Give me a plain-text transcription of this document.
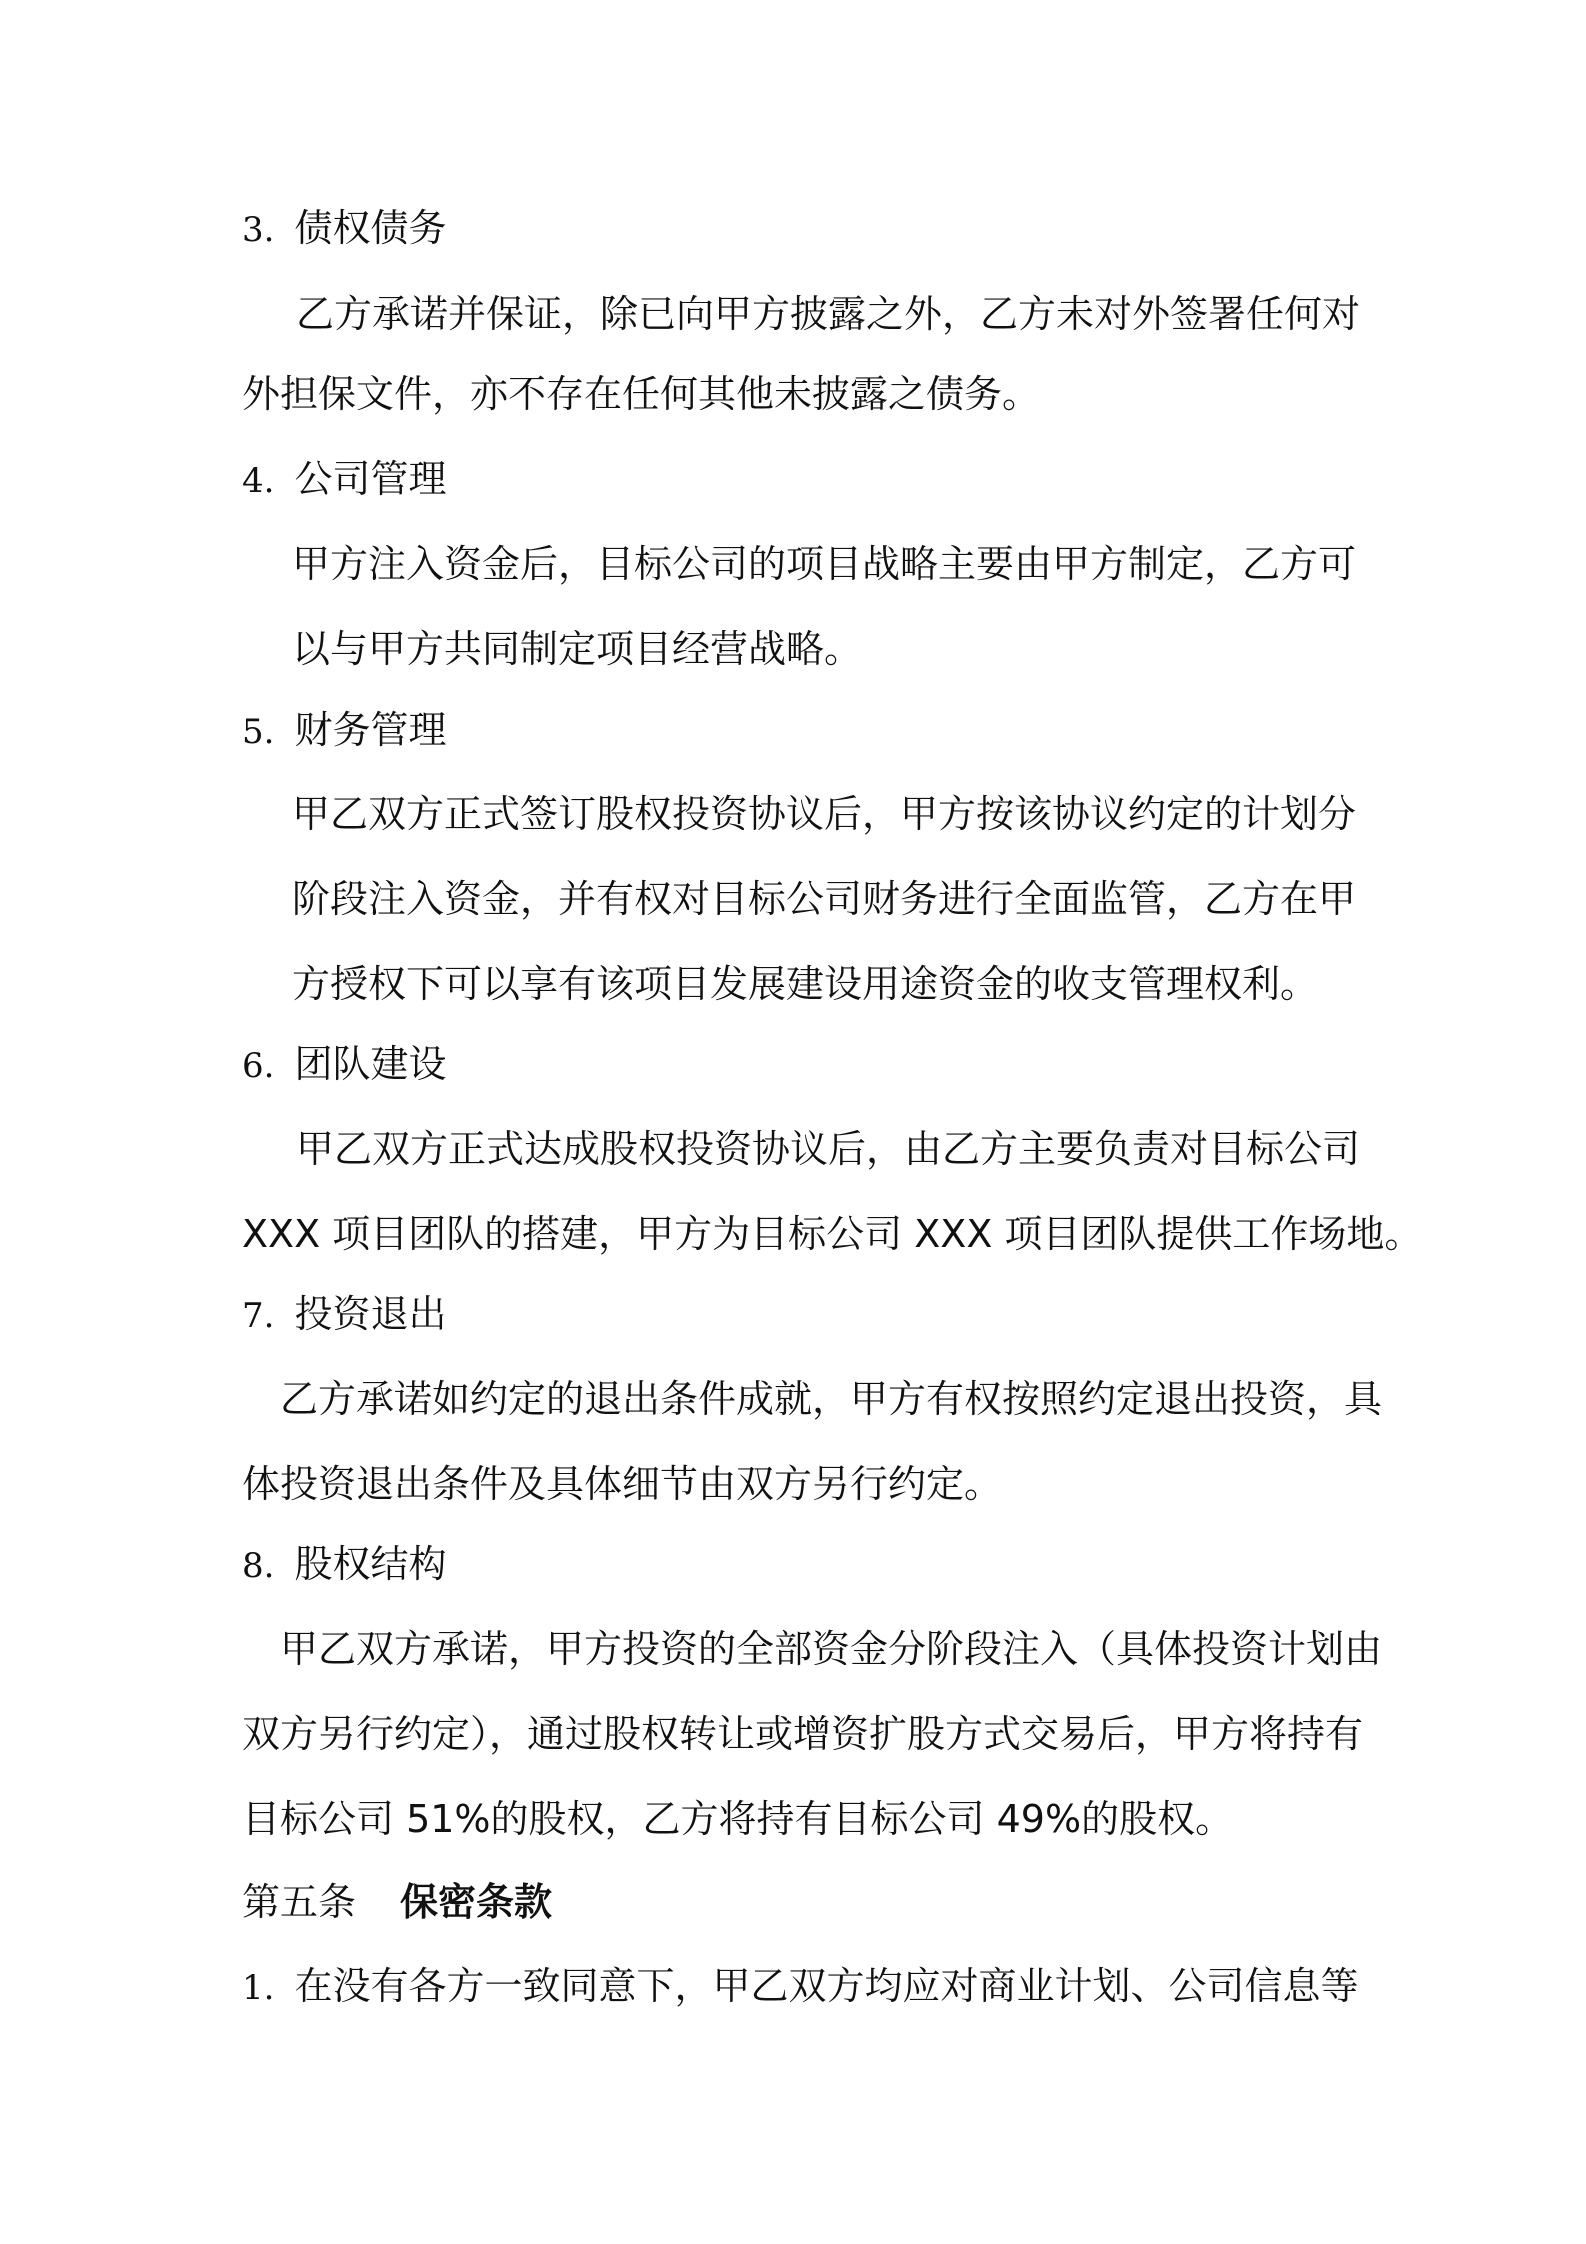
3. 债权债务
乙方承诺并保证，除已向甲方披露之外，乙方未对外签署任何对
外担保文件，亦不存在任何其他未披露之债务。
4. 公司管理
甲方注入资金后，目标公司的项目战略主要由甲方制定，乙方可
以与甲方共同制定项目经营战略。
5. 财务管理
甲乙双方正式签订股权投资协议后，甲方按该协议约定的计划分
阶段注入资金，并有权对目标公司财务进行全面监管，乙方在甲
方授权下可以享有该项目发展建设用途资金的收支管理权利。
6. 团队建设
甲乙双方正式达成股权投资协议后，由乙方主要负责对目标公司
XXX 项目团队的搭建，甲方为目标公司 XXX 项目团队提供工作场地。
7. 投资退出
乙方承诺如约定的退出条件成就，甲方有权按照约定退出投资，具
体投资退出条件及具体细节由双方另行约定。
8. 股权结构
甲乙双方承诺，甲方投资的全部资金分阶段注入（具体投资计划由
双方另行约定），通过股权转让或增资扩股方式交易后，甲方将持有
目标公司 51%的股权，乙方将持有目标公司 49%的股权。
第五条 保密条款
1. 在没有各方一致同意下，甲乙双方均应对商业计划、公司信息等
